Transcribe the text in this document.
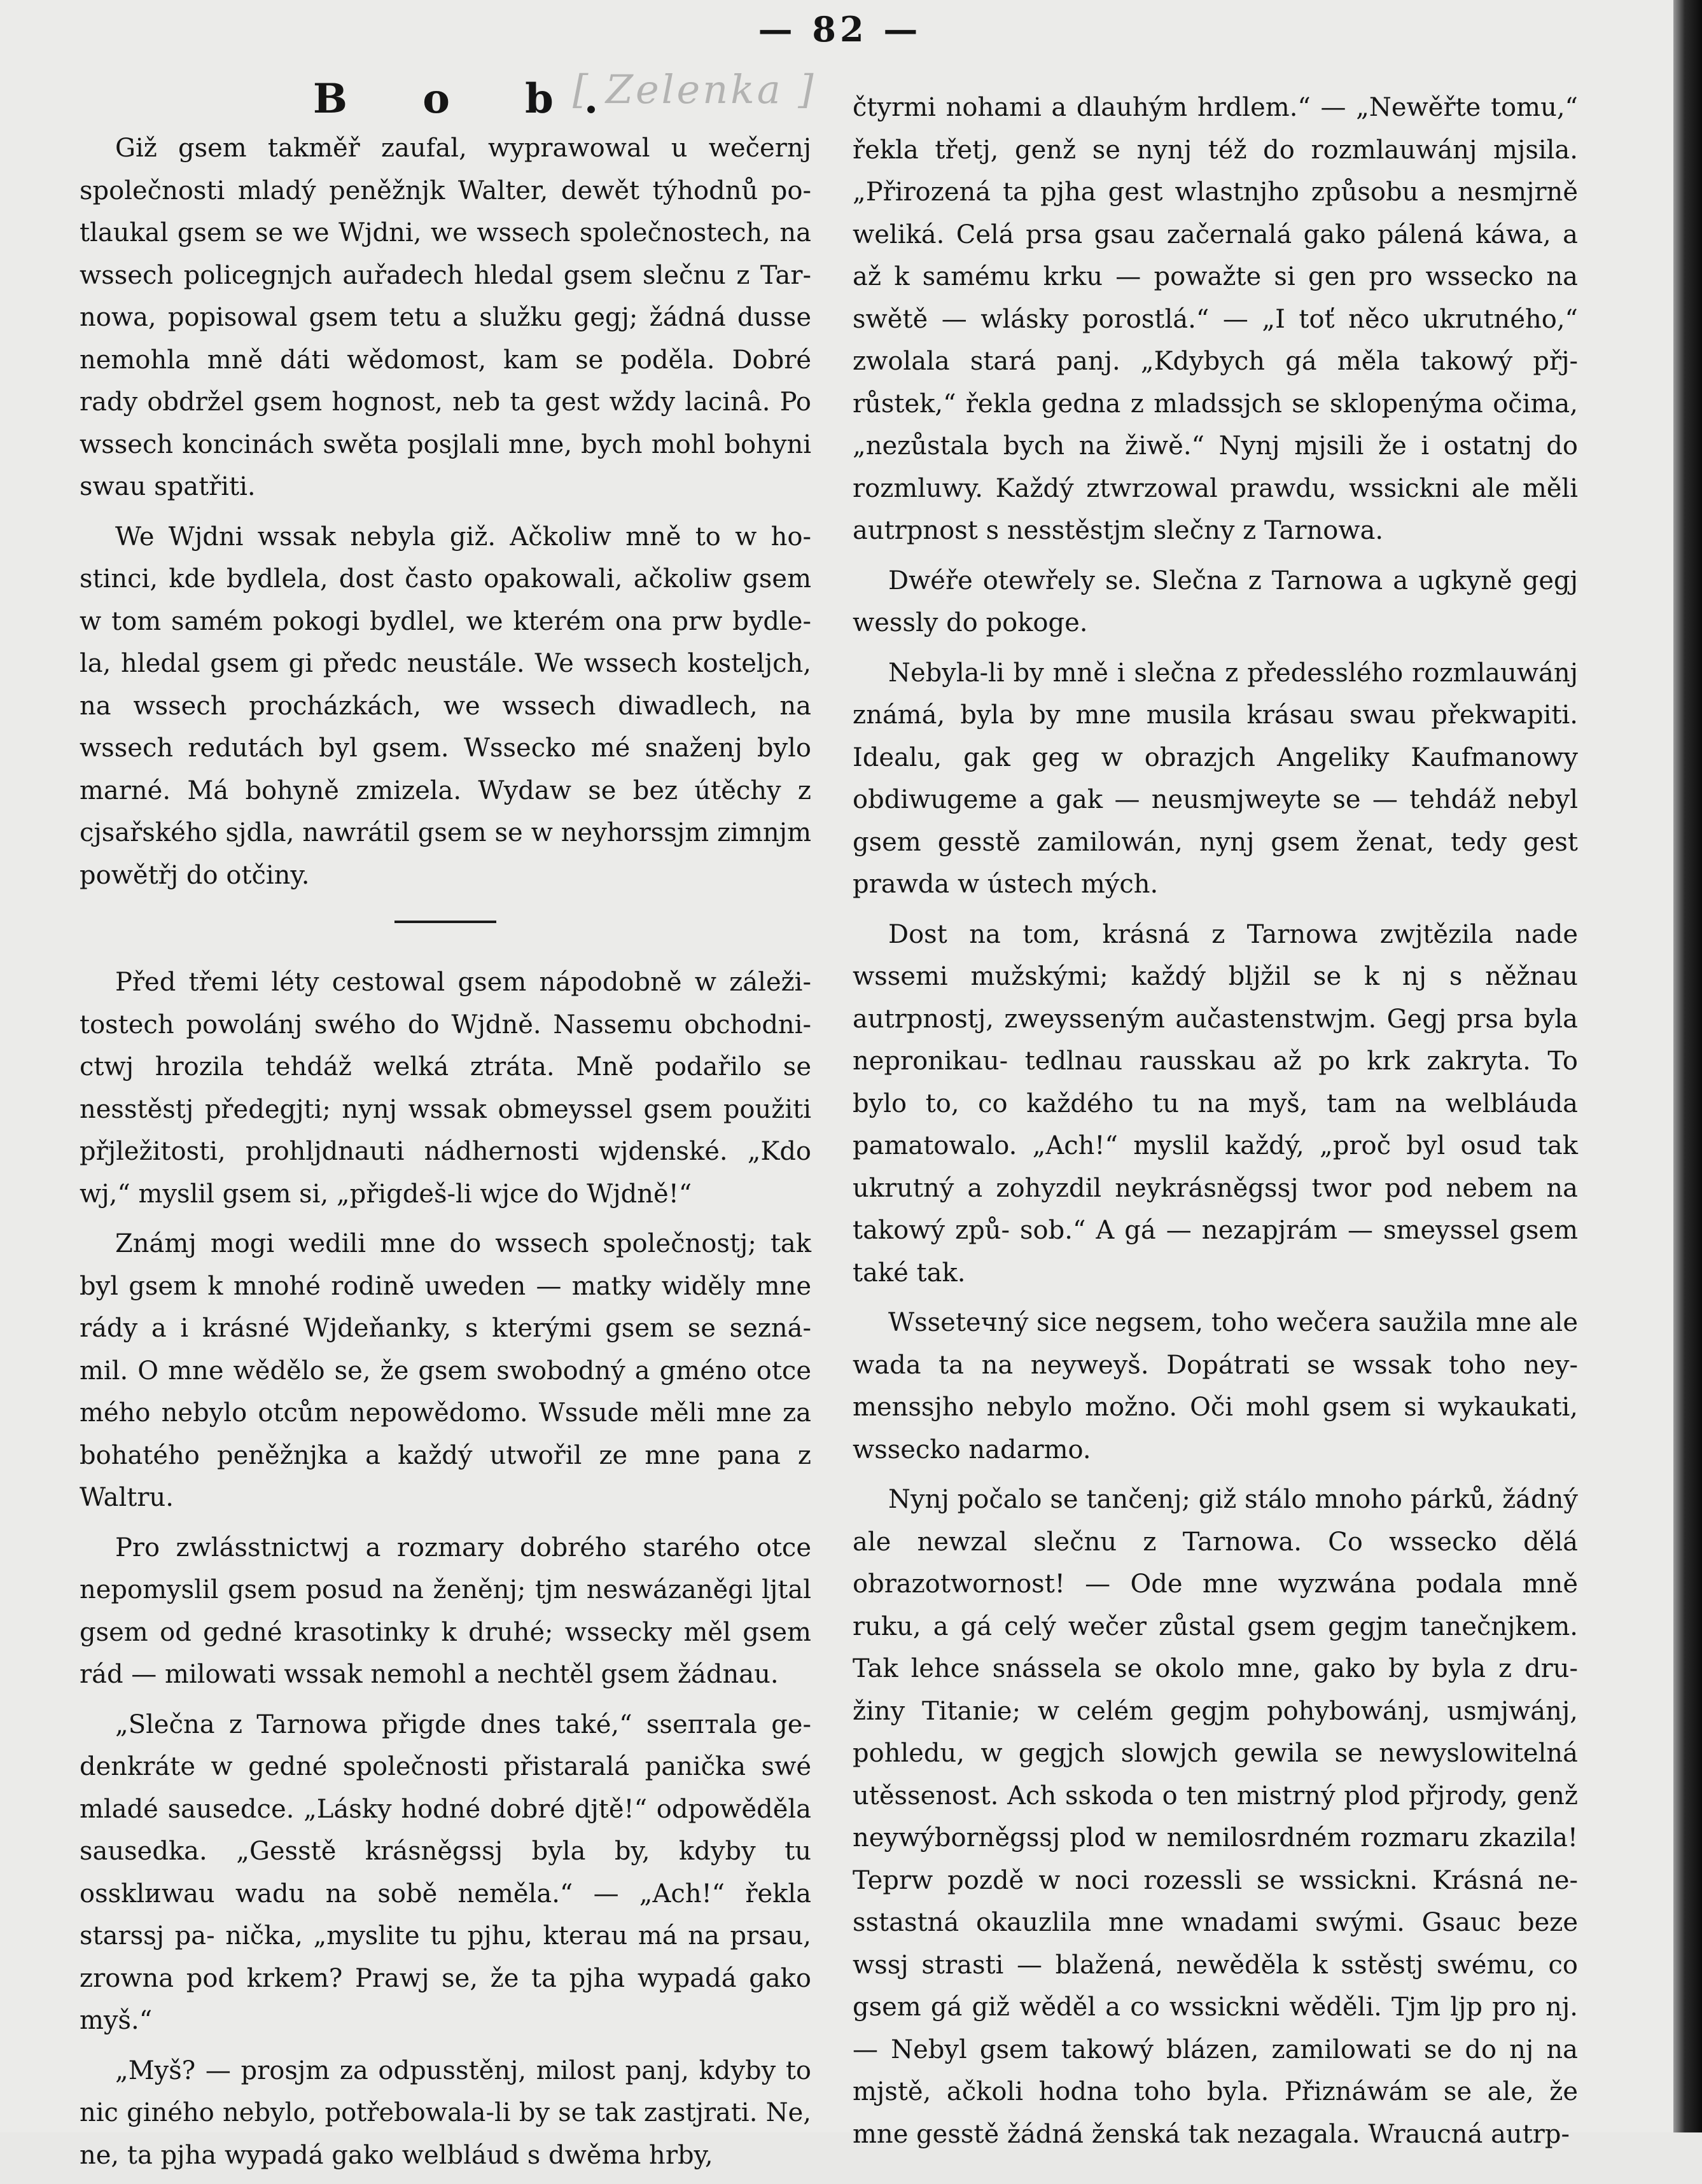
— 82 —
B o b.
[ Zelenka ]

Giž gsem takměř zaufal, wyprawowal u wečernj společnosti mladý peněžnjk Walter, dewět týhodnů po- tlaukal gsem se we Wjdni, we wssech společnostech, na wssech policegnjch auřadech hledal gsem slečnu z Tar- nowa, popisowal gsem tetu a služku gegj; žádná dusse nemohla mně dáti wědomost, kam se poděla. Dobré rady obdržel gsem hognost, neb ta gest wždy lacinâ. Po wssech koncinách swěta posjlali mne, bych mohl bohyni swau spatřiti.

We Wjdni wssak nebyla giž. Ačkoliw mně to w ho- stinci, kde bydlela, dost často opakowali, ačkoliw gsem w tom samém pokogi bydlel, we kterém ona prw bydle- la, hledal gsem gi předc neustále. We wssech kosteljch, na wssech procházkách, we wssech diwadlech, na wssech redutách byl gsem. Wssecko mé snaženj bylo marné. Má bohyně zmizela. Wydaw se bez útěchy z cjsařského sjdla, nawrátil gsem se w neyhorssjm zimnjm powětřj do otčiny.

Před třemi léty cestowal gsem nápodobně w záleži- tostech powolánj swého do Wjdně. Nassemu obchodni- ctwj hrozila tehdáž welká ztráta. Mně podařilo se nesstěstj předegjti; nynj wssak obmeyssel gsem použiti přjležitosti, prohljdnauti nádhernosti wjdenské. „Kdo wj,“ myslil gsem si, „přigdeš-li wjce do Wjdně!“

Známj mogi wedili mne do wssech společnostj; tak byl gsem k mnohé rodině uweden — matky widěly mne rády a i krásné Wjdeňanky, s kterými gsem se sezná- mil. O mne wědělo se, že gsem swobodný a gméno otce mého nebylo otcům nepowědomo. Wssude měli mne za bohatého peněžnjka a každý utwořil ze mne pana z Waltru.

Pro zwlásstnictwj a rozmary dobrého starého otce nepomyslil gsem posud na ženěnj; tjm neswázaněgi ljtal gsem od gedné krasotinky k druhé; wssecky měl gsem rád — milowati wssak nemohl a nechtěl gsem žádnau.

„Slečna z Tarnowa přigde dnes také,“ ssептala ge- denkráte w gedné společnosti přistaralá panička swé mladé sausedce. „Lásky hodné dobré djtě!“ odpowěděla sausedka. „Gesstě krásněgssj byla by, kdyby tu ossklиwau wadu na sobě neměla.“ — „Ach!“ řekla starssj pa- nička, „myslite tu pjhu, kterau má na prsau, zrowna pod krkem? Prawj se, že ta pjha wypadá gako myš.“

„Myš? — prosjm za odpusstěnj, milost panj, kdyby to nic giného nebylo, potřebowala-li by se tak zastjrati. Ne, ne, ta pjha wypadá gako welbláud s dwěma hrby,

čtyrmi nohami a dlauhým hrdlem.“ — „Newěřte tomu,“ řekla třetj, genž se nynj též do rozmlauwánj mjsila. „Přirozená ta pjha gest wlastnjho způsobu a nesmjrně weliká. Celá prsa gsau začernalá gako pálená káwa, a až k samému krku — powažte si gen pro wssecko na swětě — wlásky porostlá.“ — „I toť něco ukrutného,“ zwolala stará panj. „Kdybych gá měla takowý přj- růstek,“ řekla gedna z mladssjch se sklopenýma očima, „nezůstala bych na žiwě.“ Nynj mjsili že i ostatnj do rozmluwy. Každý ztwrzowal prawdu, wssickni ale měli autrpnost s nesstěstjm slečny z Tarnowa.

Dwéře otewřely se. Slečna z Tarnowa a ugkyně gegj wessly do pokoge.

Nebyla-li by mně i slečna z předesslého rozmlauwánj známá, byla by mne musila krásau swau překwapiti. Idealu, gak geg w obrazjch Angeliky Kaufmanowy obdiwugeme a gak — neusmjweyte se — tehdáž nebyl gsem gesstě zamilowán, nynj gsem ženat, tedy gest prawda w ústech mých.

Dost na tom, krásná z Tarnowa zwjtězila nade wssemi mužskými; každý bljžil se k nj s něžnau autrpnostj, zweyssеným aučastenstwjm. Gegj prsa byla nepronikau- tedlnau rausskau až po krk zakryta. To bylo to, co každého tu na myš, tam na welbláuda pamatowalo. „Ach!“ myslil každý, „proč byl osud tak ukrutný a zohyzdil neykrásněgssj twor pod nebem na takowý způ- sob.“ A gá — nezapjrám — smeyssel gsem také tak.

Wsseteчný sice negsem, toho wečera saužila mne ale wada ta na neywеyš. Dopátrati se wssak toho ney- menssjho nebylo možno. Oči mohl gsem si wykaukati, wssecko nadarmo.

Nynj počalo se tančenj; giž stálo mnoho párků, žádný ale newzal slečnu z Tarnowa. Co wssecko dělá obrazotwornost! — Ode mne wyzwána podala mně ruku, a gá celý wečer zůstal gsem gegjm tanečnjkem. Tak lehce snássela se okolo mne, gako by byla z dru- žiny Titanie; w celém gegjm pohybowánj, usmjwánj, pohledu, w gegjch slowjch gewila se newyslowitelná utěssenost. Ach sskoda o ten mistrný plod přjrody, genž neywýborněgssj plod w nemilosrdném rozmaru zkazila! Teprw pozdě w noci rozessli se wssickni. Krásná ne- sstastná okauzlila mne wnadami swými. Gsauc beze wssj strasti — blažená, newěděla k sstěstj swému, co gsem gá giž wěděl a co wssickni wěděli. Tjm ljp pro nj. — Nebyl gsem takowý blázen, zamilowati se do nj na mjstě, ačkoli hodna toho byla. Přiznáwám se ale, že mne gesstě žádná ženská tak nezagala. Wraucná autrp-
